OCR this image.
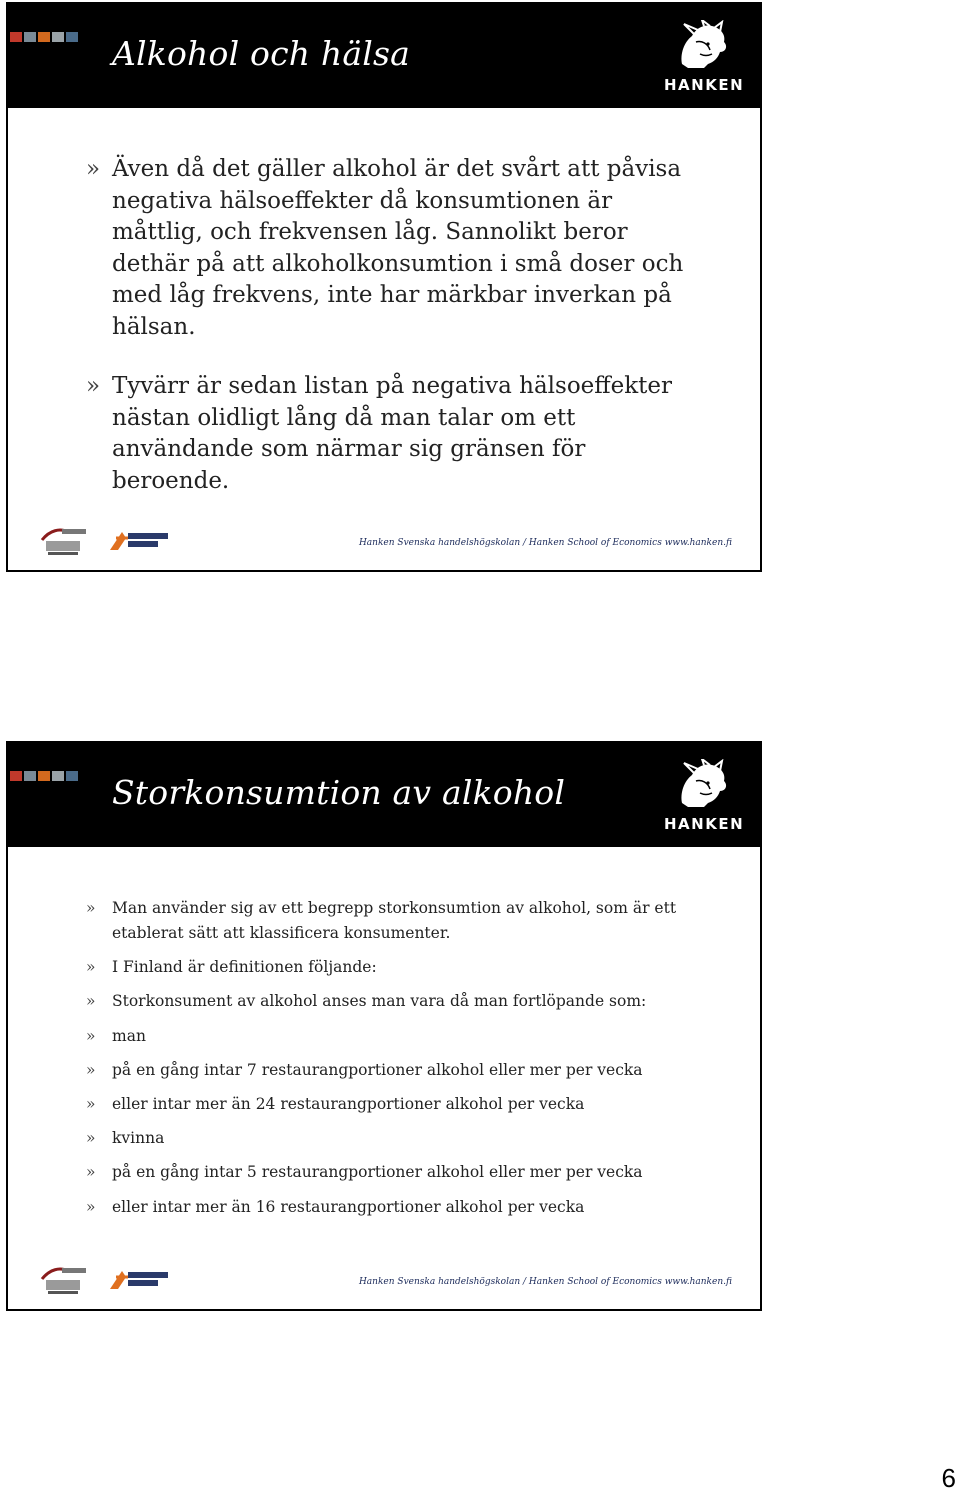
Alkohol och hälsa
HANKEN
» Även då det gäller alkohol är det svårt att påvisa negativa hälsoeffekter då konsumtionen är måttlig, och frekvensen låg. Sannolikt beror dethär på att alkoholkonsumtion i små doser och med låg frekvens, inte har märkbar inverkan på hälsan.
» Tyvärr är sedan listan på negativa hälsoeffekter nästan olidligt lång då man talar om ett användande som närmar sig gränsen för beroende.
Hanken Svenska handelshögskolan / Hanken School of Economics www.hanken.fi
Storkonsumtion av alkohol
HANKEN
» Man använder sig av ett begrepp storkonsumtion av alkohol, som är ett etablerat sätt att klassificera konsumenter.
» I Finland är definitionen följande:
» Storkonsument av alkohol anses man vara då man fortlöpande som:
» man
» på en gång intar 7 restaurangportioner alkohol eller mer per vecka
» eller intar mer än 24 restaurangportioner alkohol per vecka
» kvinna
» på en gång intar 5 restaurangportioner alkohol eller mer per vecka
» eller intar mer än 16 restaurangportioner alkohol per vecka
Hanken Svenska handelshögskolan / Hanken School of Economics www.hanken.fi
6
